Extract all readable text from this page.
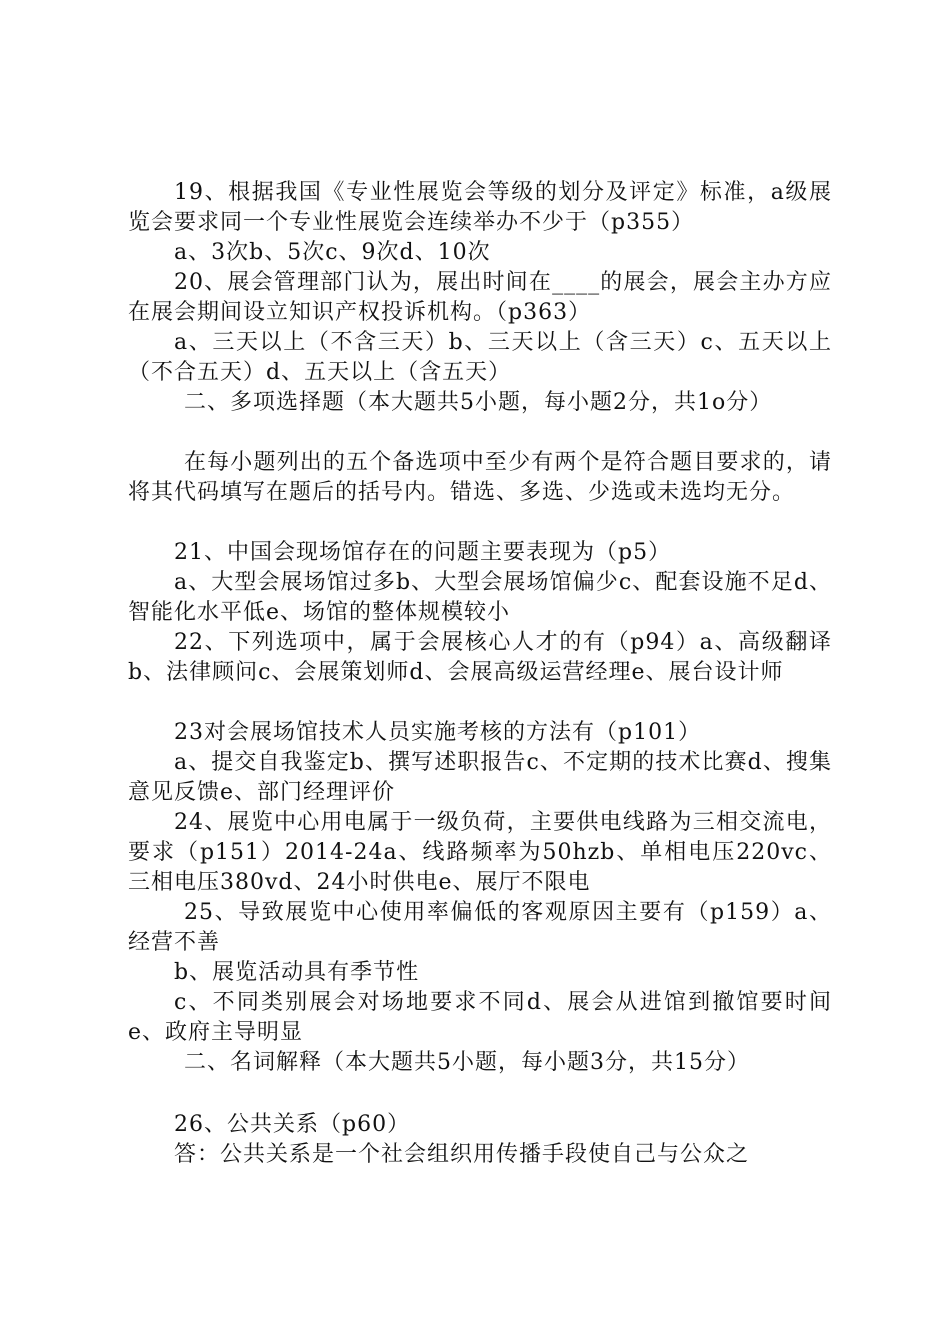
19、根据我国《专业性展览会等级的划分及评定》标准，a级展览会要求同一个专业性展览会连续举办不少于（p355）
a、3次b、5次c、9次d、10次
20、展会管理部门认为，展出时间在____的展会，展会主办方应在展会期间设立知识产权投诉机构。（p363）
a、三天以上（不含三天）b、三天以上（含三天）c、五天以上（不合五天）d、五天以上（含五天）
二、多项选择题（本大题共5小题，每小题2分，共1o分）
在每小题列出的五个备选项中至少有两个是符合题目要求的，请将其代码填写在题后的括号内。错选、多选、少选或未选均无分。
21、中国会现场馆存在的问题主要表现为（p5）
a、大型会展场馆过多b、大型会展场馆偏少c、配套设施不足d、智能化水平低e、场馆的整体规模较小
22、下列选项中，属于会展核心人才的有（p94）a、高级翻译b、法律顾问c、会展策划师d、会展高级运营经理e、展台设计师
23对会展场馆技术人员实施考核的方法有（p101）
a、提交自我鉴定b、撰写述职报告c、不定期的技术比赛d、搜集意见反馈e、部门经理评价
24、展览中心用电属于一级负荷，主要供电线路为三相交流电，要求（p151）2014-24a、线路频率为50hzb、单相电压220vc、三相电压380vd、24小时供电e、展厅不限电
25、导致展览中心使用率偏低的客观原因主要有（p159）a、经营不善
b、展览活动具有季节性
c、不同类别展会对场地要求不同d、展会从进馆到撤馆要时间e、政府主导明显
二、名词解释（本大题共5小题，每小题3分，共15分）
26、公共关系（p60）
答：公共关系是一个社会组织用传播手段使自己与公众之
